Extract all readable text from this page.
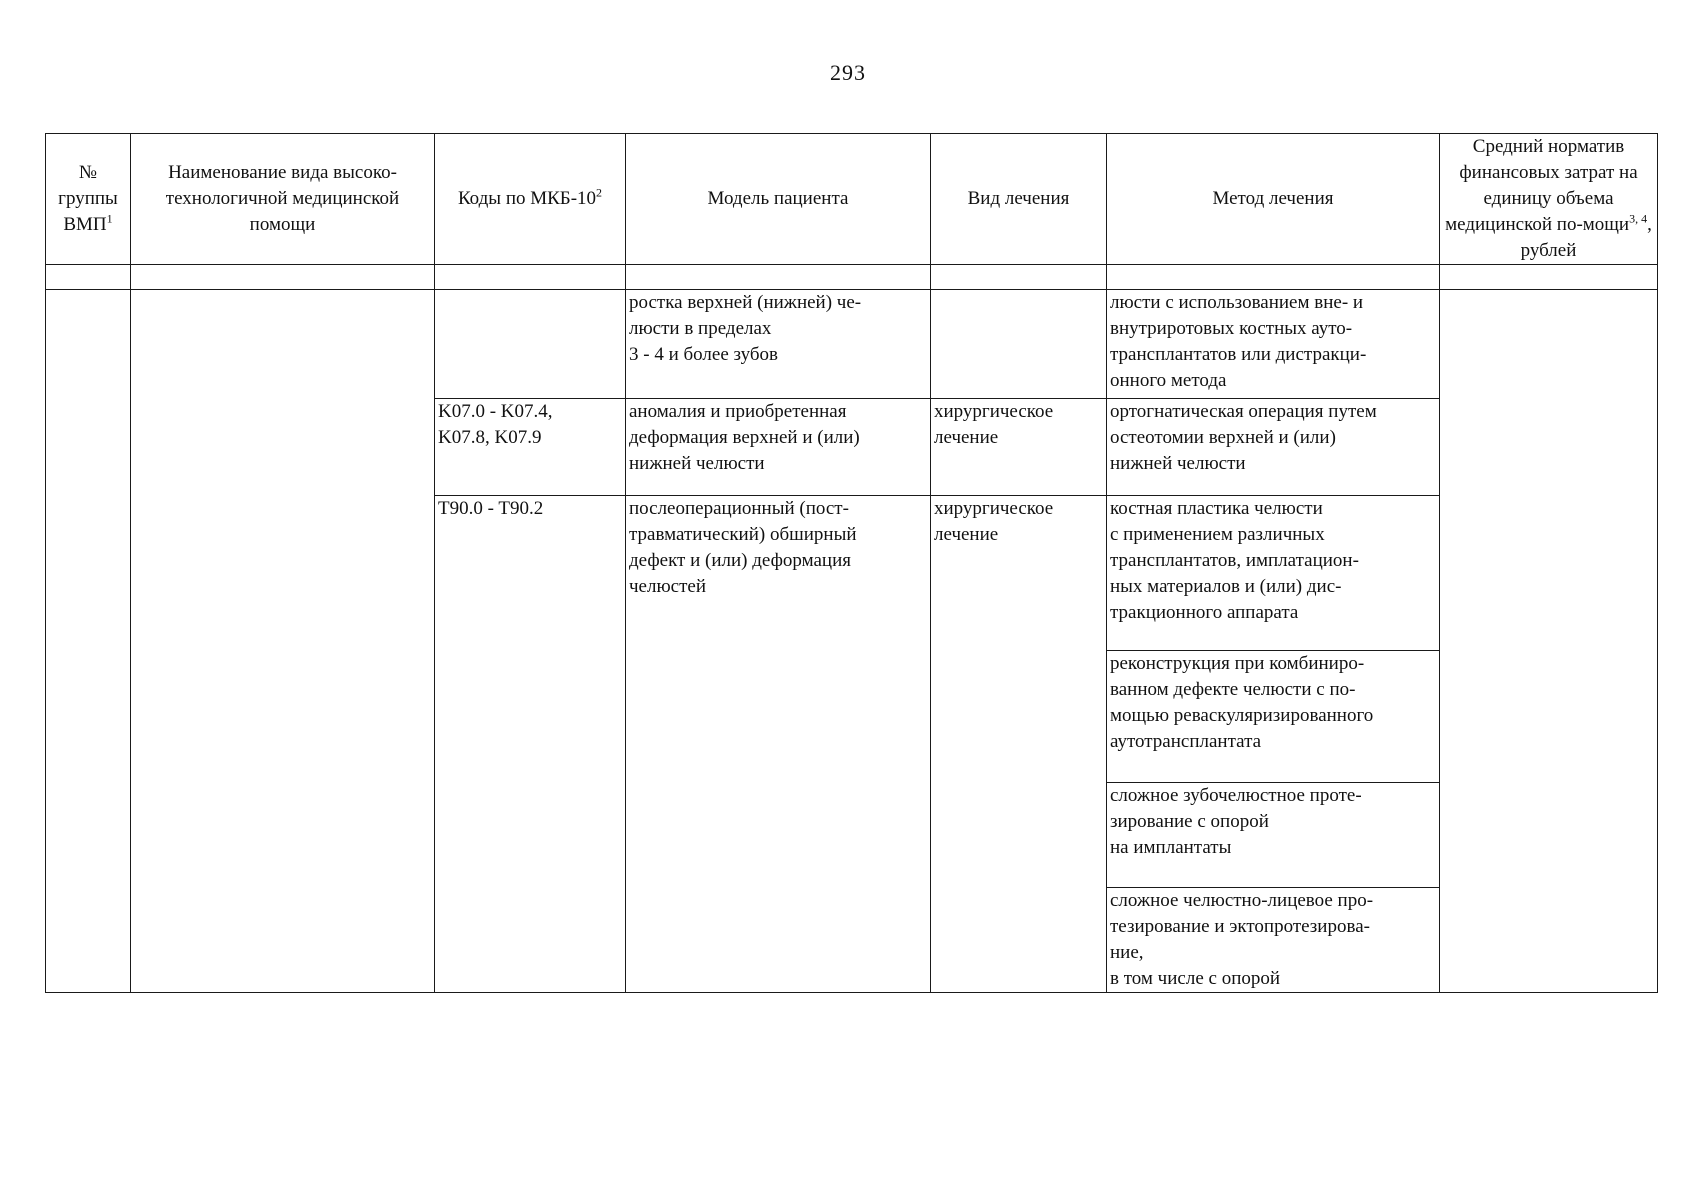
293
№ группы ВМП$^1$	Наименование вида высоко-технологичной медицинской помощи	Коды по МКБ-$10^2$	Модель пациента	Вид лечения	Метод лечения	Средний норматив финансовых затрат на единицу объема медицинской по-мощи$^{3, 4}$, рублей

			ростка верхней (нижней) че-
люсти в пределах
3 - 4 и более зубов		люсти с использованием вне- и
внутриротовых костных ауто-
трансплантатов или дистракци-
онного метода	

		K07.0 - K07.4,
K07.8, K07.9	аномалия и приобретенная
деформация верхней и (или)
нижней челюсти	хирургическое
лечение	ортогнатическая операция путем
остеотомии верхней и (или)
нижней челюсти	

		T90.0 - T90.2	послеоперационный (пост-
травматический) обширный
дефект и (или) деформация
челюстей	хирургическое
лечение	костная пластика челюсти
с применением различных
трансплантатов, имплатацион-
ных материалов и (или) дис-
тракционного аппарата	

					реконструкция при комбиниро-
ванном дефекте челюсти с по-
мощью реваскуляризированного
аутотрансплантата	

					сложное зубочелюстное проте-
зирование с опорой
на имплантаты	

					сложное челюстно-лицевое про-
тезирование и эктопротезирова-
ние,
в том числе с опорой	
